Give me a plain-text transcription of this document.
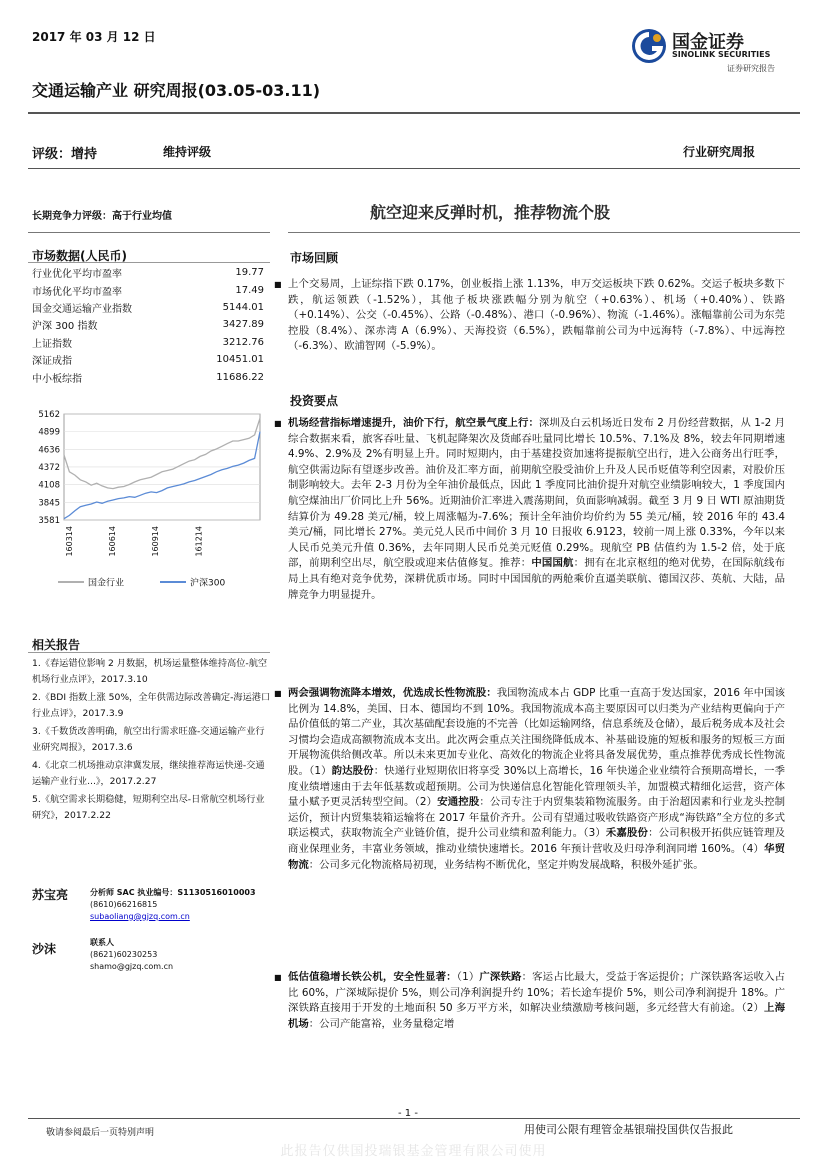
2017 年 03 月 12 日
交通运输产业 研究周报(03.05-03.11)
国金证券
SINOLINK SECURITIES
证券研究报告
评级：增持	维持评级	行业研究周报
长期竞争力评级：高于行业均值	航空迎来反弹时机，推荐物流个股
市场数据(人民币)
行业优化平均市盈率	19.77
市场优化平均市盈率	17.49
国金交通运输产业指数	5144.01
沪深 300 指数	3427.89
上证指数	3212.76
深证成指	10451.01
中小板综指	11686.22
5162
4899
4636
4372
4108
3845
3581
160314	160614	160914	161214
国金行业	沪深300
相关报告
1.《春运错位影响 2 月数据，机场运量整体维持高位-航空机场行业点评》，2017.3.10
2.《BDI 指数上涨 50%，全年供需边际改善确定-海运港口行业点评》，2017.3.9
3.《千数货改善明确，航空出行需求旺盛-交通运输产业行业研究周报》，2017.3.6
4.《北京二机场推动京津冀发展，继续推荐海运快递-交通运输产业行业...》，2017.2.27
5.《航空需求长期稳健，短期利空出尽-日常航空机场行业研究》，2017.2.22
苏宝亮	分析师 SAC 执业编号：S1130516010003
(8610)66216815
subaoliang@gjzq.com.cn
沙沫	联系人
(8621)60230253
shamo@gjzq.com.cn
市场回顾
■ 上个交易周，上证综指下跌 0.17%，创业板指上涨 1.13%，申万交运板块下跌 0.62%。交运子板块多数下跌，航运领跌（-1.52%），其他子板块涨跌幅分别为航空（+0.63%）、机场（+0.40%）、铁路（+0.14%）、公交（-0.45%）、公路（-0.48%）、港口（-0.96%）、物流（-1.46%）。涨幅靠前公司为东莞控股（8.4%）、深赤湾 A（6.9%）、天海投资（6.5%），跌幅靠前公司为中远海特（-7.8%）、中远海控（-6.3%）、欧浦智网（-5.9%）。
投资要点
■ 机场经营指标增速提升，油价下行，航空景气度上行：深圳及白云机场近日发布 2 月份经营数据，从 1-2 月综合数据来看，旅客吞吐量、飞机起降架次及货邮吞吐量同比增长 10.5%、7.1%及 8%，较去年同期增速 4.9%、2.9%及 2%有明显上升。同时短期内，由于基建投资加速将提振航空出行，进入公商务出行旺季，航空供需边际有望逐步改善。油价及汇率方面，前期航空股受油价上升及人民币贬值等利空因素，对股价压制影响较大。去年 2-3 月份为全年油价最低点，因此 1 季度同比油价提升对航空业绩影响较大，1 季度国内航空煤油出厂价同比上升 56%。近期油价汇率进入震荡期间，负面影响减弱。截至 3 月 9 日 WTI 原油期货结算价为 49.28 美元/桶，较上周涨幅为-7.6%；预计全年油价均价约为 55 美元/桶，较 2016 年的 43.4 美元/桶，同比增长 27%。美元兑人民币中间价 3 月 10 日报收 6.9123，较前一周上涨 0.33%，今年以来人民币兑美元升值 0.36%，去年同期人民币兑美元贬值 0.29%。现航空 PB 估值约为 1.5-2 倍，处于底部，前期利空出尽，航空股或迎来估值修复。推荐：中国国航：拥有在北京枢纽的绝对优势，在国际航线布局上具有绝对竞争优势，深耕优质市场。同时中国国航的两舱乘价直逼美联航、德国汉莎、英航、大陆，品牌竞争力明显提升。
■ 两会强调物流降本增效，优选成长性物流股：我国物流成本占 GDP 比重一直高于发达国家，2016 年中国该比例为 14.8%，美国、日本、德国均不到 10%。我国物流成本高主要原因可以归类为产业结构更偏向于产品价值低的第二产业，其次基础配套设施的不完善（比如运输网络，信息系统及仓储），最后税务成本及社会习惯均会造成高额物流成本支出。此次两会重点关注围绕降低成本、补基础设施的短板和服务的短板三方面开展物流供给侧改革。所以未来更加专业化、高效化的物流企业将具备发展优势，重点推荐优秀成长性物流股。（1）韵达股份：快递行业短期依旧将享受 30%以上高增长，16 年快递企业业绩符合预期高增长，一季度业绩增速由于去年低基数或超预期。公司为快递信息化智能化管理领头羊，加盟模式精细化运营，资产体量小赋予更灵活转型空间。（2）安通控股：公司专注于内贸集装箱物流服务。由于治超因素和行业龙头控制运价，预计内贸集装箱运输将在 2017 年量价齐升。公司有望通过吸收铁路资产形成“海铁路”全方位的多式联运模式，获取物流全产业链价值，提升公司业绩和盈利能力。（3）禾嘉股份：公司积极开拓供应链管理及商业保理业务，丰富业务领域，推动业绩快速增长。2016 年预计营收及归母净利润同增 160%。（4）华贸物流：公司多元化物流格局初现，业务结构不断优化，坚定并购发展战略，积极外延扩张。
■ 低估值稳增长铁公机，安全性显著：（1）广深铁路：客运占比最大，受益于客运提价；广深铁路客运收入占比 60%，广深城际提价 5%，则公司净利润提升约 10%；若长途车提价 5%，则公司净利润提升 18%。广深铁路直接用于开发的土地面积 50 多万平方米，如解决业绩激励考核问题，多元经营大有前途。（2）上海机场：公司产能富裕，业务量稳定增
- 1 -
敬请参阅最后一页特别声明	用使司公限有理管金基银瑞投国供仅告报此
此报告仅供国投瑞银基金管理有限公司使用
